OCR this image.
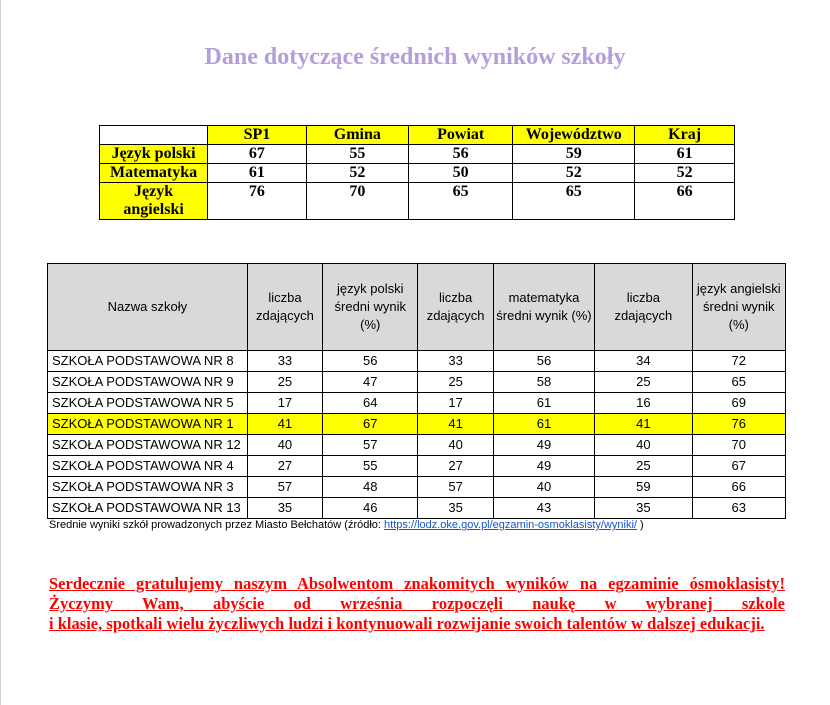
Dane dotyczące średnich wyników szkoły
	SP1	Gmina	Powiat	Województwo	Kraj
Język polski	67	55	56	59	61
Matematyka	61	52	50	52	52
Język angielski	76	70	65	65	66
Nazwa szkoły	liczba zdających	język polski średni wynik (%)	liczba zdających	matematyka średni wynik (%)	liczba zdających	język angielski średni wynik (%)
SZKOŁA PODSTAWOWA NR 8	33	56	33	56	34	72
SZKOŁA PODSTAWOWA NR 9	25	47	25	58	25	65
SZKOŁA PODSTAWOWA NR 5	17	64	17	61	16	69
SZKOŁA PODSTAWOWA NR 1	41	67	41	61	41	76
SZKOŁA PODSTAWOWA NR 12	40	57	40	49	40	70
SZKOŁA PODSTAWOWA NR 4	27	55	27	49	25	67
SZKOŁA PODSTAWOWA NR 3	57	48	57	40	59	66
SZKOŁA PODSTAWOWA NR 13	35	46	35	43	35	63
Średnie wyniki szkół prowadzonych przez Miasto Bełchatów (źródło: https://lodz.oke.gov.pl/egzamin-osmoklasisty/wyniki/ )
Serdecznie gratulujemy naszym Absolwentom znakomitych wyników na egzaminie ósmoklasisty!
Życzymy Wam, abyście od września rozpoczęli naukę w wybranej szkole
i klasie, spotkali wielu życzliwych ludzi i kontynuowali rozwijanie swoich talentów w dalszej edukacji.
